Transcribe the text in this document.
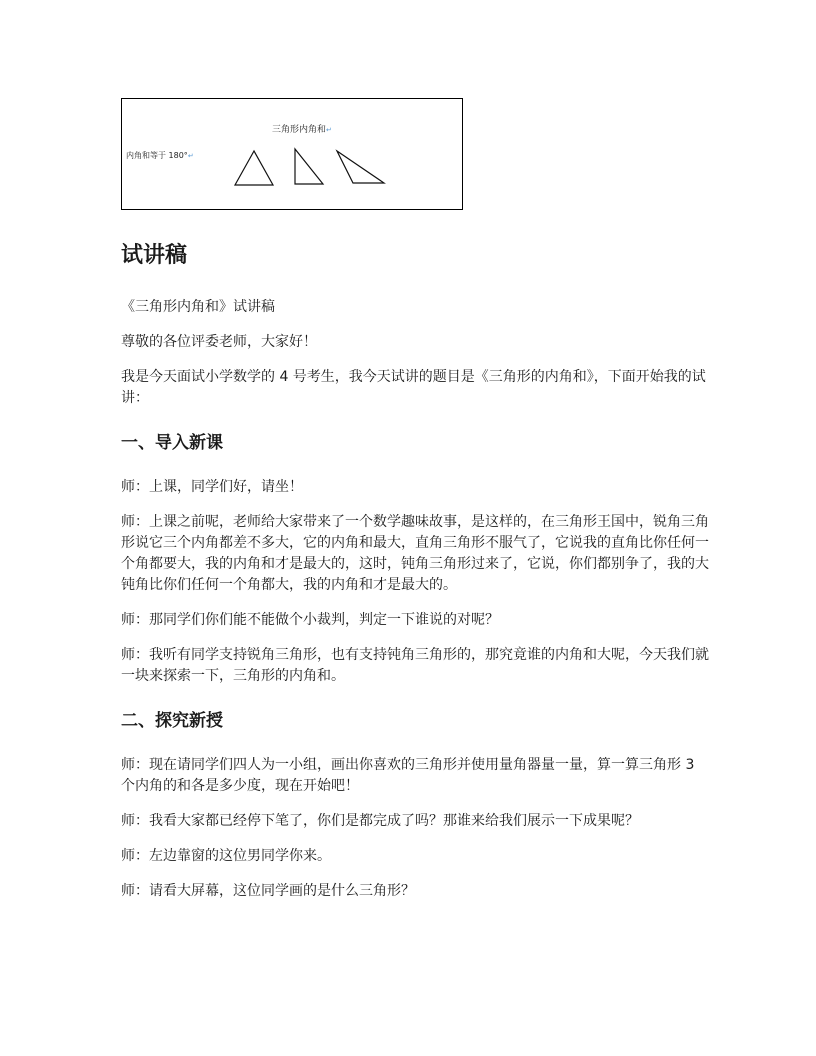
三角形内角和↵
内角和等于 180°↵
试讲稿

《三角形内角和》试讲稿

尊敬的各位评委老师，大家好！

我是今天面试小学数学的 4 号考生，我今天试讲的题目是《三角形的内角和》，下面开始我的试讲：

一、导入新课

师：上课，同学们好，请坐！

师：上课之前呢，老师给大家带来了一个数学趣味故事，是这样的，在三角形王国中，锐角三角形说它三个内角都差不多大，它的内角和最大，直角三角形不服气了，它说我的直角比你任何一个角都要大，我的内角和才是最大的，这时，钝角三角形过来了，它说，你们都别争了，我的大钝角比你们任何一个角都大，我的内角和才是最大的。

师：那同学们你们能不能做个小裁判，判定一下谁说的对呢？

师：我听有同学支持锐角三角形，也有支持钝角三角形的，那究竟谁的内角和大呢，今天我们就一块来探索一下，三角形的内角和。

二、探究新授

师：现在请同学们四人为一小组，画出你喜欢的三角形并使用量角器量一量，算一算三角形 3 个内角的和各是多少度，现在开始吧！

师：我看大家都已经停下笔了，你们是都完成了吗？那谁来给我们展示一下成果呢？

师：左边靠窗的这位男同学你来。

师：请看大屏幕，这位同学画的是什么三角形？
